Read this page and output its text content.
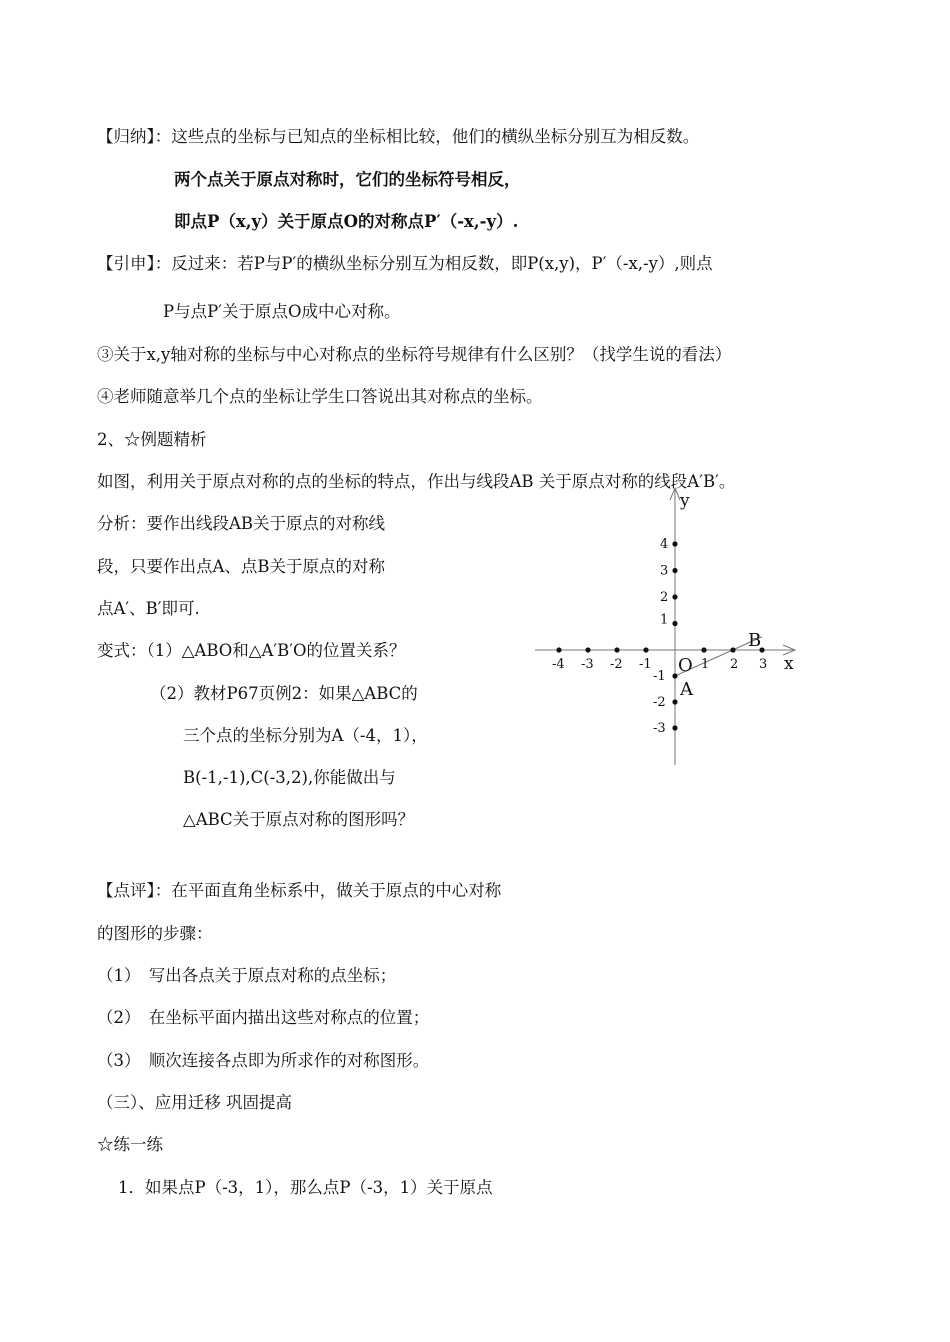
【归纳】：这些点的坐标与已知点的坐标相比较，他们的横纵坐标分别互为相反数。
两个点关于原点对称时，它们的坐标符号相反，
即点P（x,y）关于原点O的对称点P′（-x,-y）.
【引申】：反过来：若P与P′的横纵坐标分别互为相反数，即P(x,y)，P′（-x,-y）,则点
P与点P′关于原点O成中心对称。
③关于x,y轴对称的坐标与中心对称点的坐标符号规律有什么区别？（找学生说的看法）
④老师随意举几个点的坐标让学生口答说出其对称点的坐标。
2、☆例题精析
如图，利用关于原点对称的点的坐标的特点，作出与线段AB 关于原点对称的线段A′B′。
分析：要作出线段AB关于原点的对称线
段，只要作出点A、点B关于原点的对称
点A′、B′即可.
变式：（1）△ABO和△A′B′O的位置关系？
（2）教材P67页例2：如果△ABC的
三个点的坐标分别为A（-4，1），
B(-1,-1),C(-3,2),你能做出与
△ABC关于原点对称的图形吗？
x
y
O
-4 -3 -2 -1	1 2 3
1
2
3
4
-1
-2
-3
A
B
【点评】：在平面直角坐标系中，做关于原点的中心对称
的图形的步骤：
（1）　写出各点关于原点对称的点坐标；
（2）　在坐标平面内描出这些对称点的位置；
（3）　顺次连接各点即为所求作的对称图形。
（三）、应用迁移 巩固提高
☆练一练
1．如果点P（-3，1），那么点P（-3，1）关于原点
